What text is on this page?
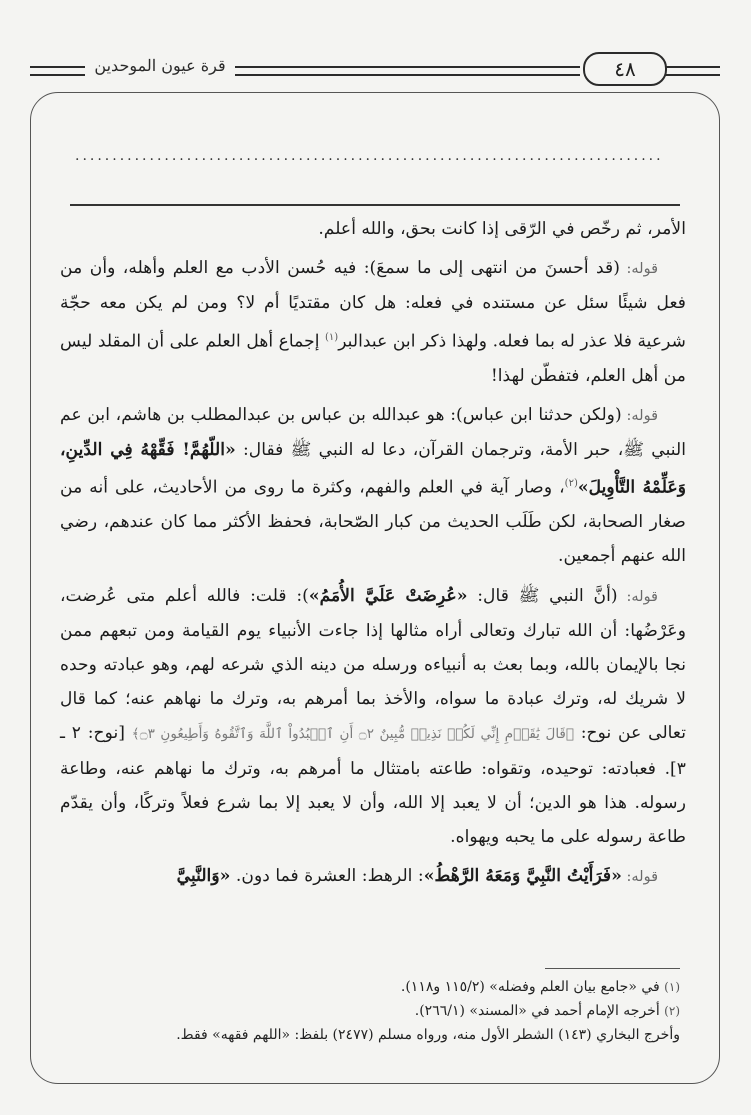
قرة عيون الموحدين	٤٨
...............................................................................

الأمر، ثم رخّص في الرّقى إذا كانت بحق، والله أعلم.

قوله: (قد أحسنَ من انتهى إلى ما سمعَ): فيه حُسن الأدب مع العلم وأهله، وأن من فعل شيئًا سئل عن مستنده في فعله: هل كان مقتديًا أم لا؟ ومن لم يكن معه حجّة شرعية فلا عذر له بما فعله. ولهذا ذكر ابن عبدالبر$^{(١)}$ إجماع أهل العلم على أن المقلد ليس من أهل العلم، فتفطّن لهذا!

قوله: (ولكن حدثنا ابن عباس): هو عبدالله بن عباس بن عبدالمطلب بن هاشم، ابن عم النبي ﷺ، حبر الأمة، وترجمان القرآن، دعا له النبي ﷺ فقال: «اللّهُمَّ! فَقِّهْهُ فِي الدِّينِ، وَعَلِّمْهُ التَّأْوِيلَ»$^{(٢)}$، وصار آية في العلم والفهم، وكثرة ما روى من الأحاديث، على أنه من صغار الصحابة، لكن طَلَب الحديث من كبار الصّحابة، فحفظ الأكثر مما كان عندهم، رضي الله عنهم أجمعين.

قوله: (أنَّ النبي ﷺ قال: «عُرِضَتْ عَلَيَّ الأُمَمُ»): قلت: فالله أعلم متى عُرضت، وعَرْضُها: أن الله تبارك وتعالى أراه مثالها إذا جاءت الأنبياء يوم القيامة ومن تبعهم ممن نجا بالإيمان بالله، وبما بعث به أنبياءه ورسله من دينه الذي شرعه لهم، وهو عبادته وحده لا شريك له، وترك عبادة ما سواه، والأخذ بما أمرهم به، وترك ما نهاهم عنه؛ كما قال تعالى عن نوح: ﴿قَالَ يَٰقَوۡمِ إِنِّي لَكُمۡ نَذِيرٞ مُّبِينٌ ۝٢ أَنِ ٱعۡبُدُواْ ٱللَّهَ وَٱتَّقُوهُ وَأَطِيعُونِ ۝٣﴾ [نوح: ٢ ـ ٣]. فعبادته: توحيده، وتقواه: طاعته بامتثال ما أمرهم به، وترك ما نهاهم عنه، وطاعة رسوله. هذا هو الدين؛ أن لا يعبد إلا الله، وأن لا يعبد إلا بما شرع فعلاً وتركًا، وأن يقدّم طاعة رسوله على ما يحبه ويهواه.

قوله: «فَرَأَيْتُ النَّبِيَّ وَمَعَهُ الرَّهْطُ»: الرهط: العشرة فما دون. «وَالنَّبِيَّ

(١) في «جامع بيان العلم وفضله» (١١٥/٢ و١١٨).
(٢) أخرجه الإمام أحمد في «المسند» (٢٦٦/١).
وأخرج البخاري (١٤٣) الشطر الأول منه، ورواه مسلم (٢٤٧٧) بلفظ: «اللهم فقهه» فقط.
